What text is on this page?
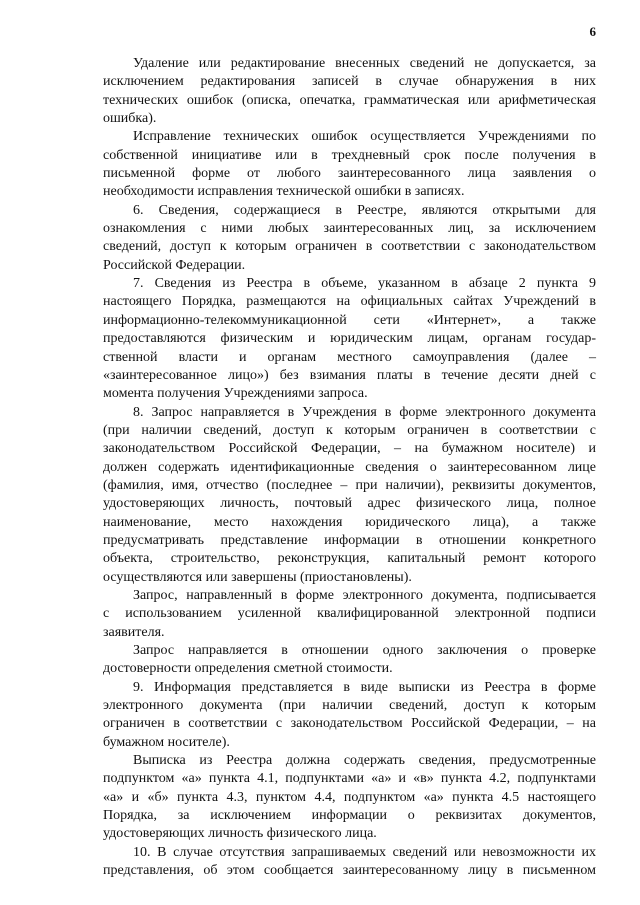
6
Удаление или редактирование внесенных сведений не допускается, за
исключением редактирования записей в случае обнаружения в них
технических ошибок (описка, опечатка, грамматическая или арифметическая
ошибка).
Исправление технических ошибок осуществляется Учреждениями по
собственной инициативе или в трехдневный срок после получения в
письменной форме от любого заинтересованного лица заявления о
необходимости исправления технической ошибки в записях.
6. Сведения, содержащиеся в Реестре, являются открытыми для
ознакомления с ними любых заинтересованных лиц, за исключением
сведений, доступ к которым ограничен в соответствии с законодательством
Российской Федерации.
7. Сведения из Реестра в объеме, указанном в абзаце 2 пункта 9
настоящего Порядка, размещаются на официальных сайтах Учреждений в
информационно-телекоммуникационной сети «Интернет», а также
предоставляются физическим и юридическим лицам, органам государ-
ственной власти и органам местного самоуправления (далее –
«заинтересованное лицо») без взимания платы в течение десяти дней с
момента получения Учреждениями запроса.
8. Запрос направляется в Учреждения в форме электронного документа
(при наличии сведений, доступ к которым ограничен в соответствии с
законодательством Российской Федерации, – на бумажном носителе) и
должен содержать идентификационные сведения о заинтересованном лице
(фамилия, имя, отчество (последнее – при наличии), реквизиты документов,
удостоверяющих личность, почтовый адрес физического лица, полное
наименование, место нахождения юридического лица), а также
предусматривать представление информации в отношении конкретного
объекта, строительство, реконструкция, капитальный ремонт которого
осуществляются или завершены (приостановлены).
Запрос, направленный в форме электронного документа, подписывается
с использованием усиленной квалифицированной электронной подписи
заявителя.
Запрос направляется в отношении одного заключения о проверке
достоверности определения сметной стоимости.
9. Информация представляется в виде выписки из Реестра в форме
электронного документа (при наличии сведений, доступ к которым
ограничен в соответствии с законодательством Российской Федерации, – на
бумажном носителе).
Выписка из Реестра должна содержать сведения, предусмотренные
подпунктом «а» пункта 4.1, подпунктами «а» и «в» пункта 4.2, подпунктами
«а» и «б» пункта 4.3, пунктом 4.4, подпунктом «а» пункта 4.5 настоящего
Порядка, за исключением информации о реквизитах документов,
удостоверяющих личность физического лица.
10. В случае отсутствия запрашиваемых сведений или невозможности их
представления, об этом сообщается заинтересованному лицу в письменном
